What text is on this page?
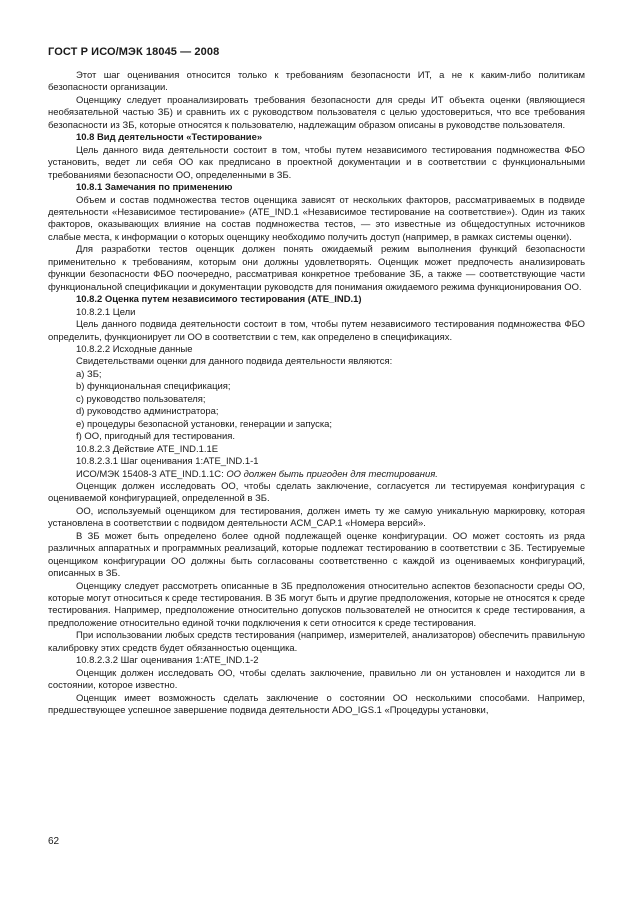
ГОСТ Р ИСО/МЭК 18045 — 2008

Этот шаг оценивания относится только к требованиям безопасности ИТ, а не к каким-либо политикам безопасности организации.

Оценщику следует проанализировать требования безопасности для среды ИТ объекта оценки (являющиеся необязательной частью ЗБ) и сравнить их с руководством пользователя с целью удостовериться, что все требования безопасности из ЗБ, которые относятся к пользователю, надлежащим образом описаны в руководстве пользователя.

10.8 Вид деятельности «Тестирование»

Цель данного вида деятельности состоит в том, чтобы путем независимого тестирования подмножества ФБО установить, ведет ли себя ОО как предписано в проектной документации и в соответствии с функциональными требованиями безопасности ОО, определенными в ЗБ.

10.8.1 Замечания по применению

Объем и состав подмножества тестов оценщика зависят от нескольких факторов, рассматриваемых в подвиде деятельности «Независимое тестирование» (ATE_IND.1 «Независимое тестирование на соответствие»). Один из таких факторов, оказывающих влияние на состав подмножества тестов, — это известные из общедоступных источников слабые места, к информации о которых оценщику необходимо получить доступ (например, в рамках системы оценки).

Для разработки тестов оценщик должен понять ожидаемый режим выполнения функций безопасности применительно к требованиям, которым они должны удовлетворять. Оценщик может предпочесть анализировать функции безопасности ФБО поочередно, рассматривая конкретное требование ЗБ, а также — соответствующие части функциональной спецификации и документации руководств для понимания ожидаемого режима функционирования ОО.

10.8.2 Оценка путем независимого тестирования (ATE_IND.1)

10.8.2.1 Цели

Цель данного подвида деятельности состоит в том, чтобы путем независимого тестирования подмножества ФБО определить, функционирует ли ОО в соответствии с тем, как определено в спецификациях.

10.8.2.2 Исходные данные

Свидетельствами оценки для данного подвида деятельности являются:

a) ЗБ;

b) функциональная спецификация;

c) руководство пользователя;

d) руководство администратора;

e) процедуры безопасной установки, генерации и запуска;

f) ОО, пригодный для тестирования.

10.8.2.3 Действие ATE_IND.1.1E

10.8.2.3.1 Шаг оценивания 1:ATE_IND.1-1

ИСО/МЭК 15408-3 ATE_IND.1.1C: ОО должен быть пригоден для тестирования.

Оценщик должен исследовать ОО, чтобы сделать заключение, согласуется ли тестируемая конфигурация с оцениваемой конфигурацией, определенной в ЗБ.

ОО, используемый оценщиком для тестирования, должен иметь ту же самую уникальную маркировку, которая установлена в соответствии с подвидом деятельности ACM_CAP.1 «Номера версий».

В ЗБ может быть определено более одной подлежащей оценке конфигурации. ОО может состоять из ряда различных аппаратных и программных реализаций, которые подлежат тестированию в соответствии с ЗБ. Тестируемые оценщиком конфигурации ОО должны быть согласованы соответственно с каждой из оцениваемых конфигураций, описанных в ЗБ.

Оценщику следует рассмотреть описанные в ЗБ предположения относительно аспектов безопасности среды ОО, которые могут относиться к среде тестирования. В ЗБ могут быть и другие предположения, которые не относятся к среде тестирования. Например, предположение относительно допусков пользователей не относится к среде тестирования, а предположение относительно единой точки подключения к сети относится к среде тестирования.

При использовании любых средств тестирования (например, измерителей, анализаторов) обеспечить правильную калибровку этих средств будет обязанностью оценщика.

10.8.2.3.2 Шаг оценивания 1:ATE_IND.1-2

Оценщик должен исследовать ОО, чтобы сделать заключение, правильно ли он установлен и находится ли в состоянии, которое известно.

Оценщик имеет возможность сделать заключение о состоянии ОО несколькими способами. Например, предшествующее успешное завершение подвида деятельности ADO_IGS.1 «Процедуры установки,

62
